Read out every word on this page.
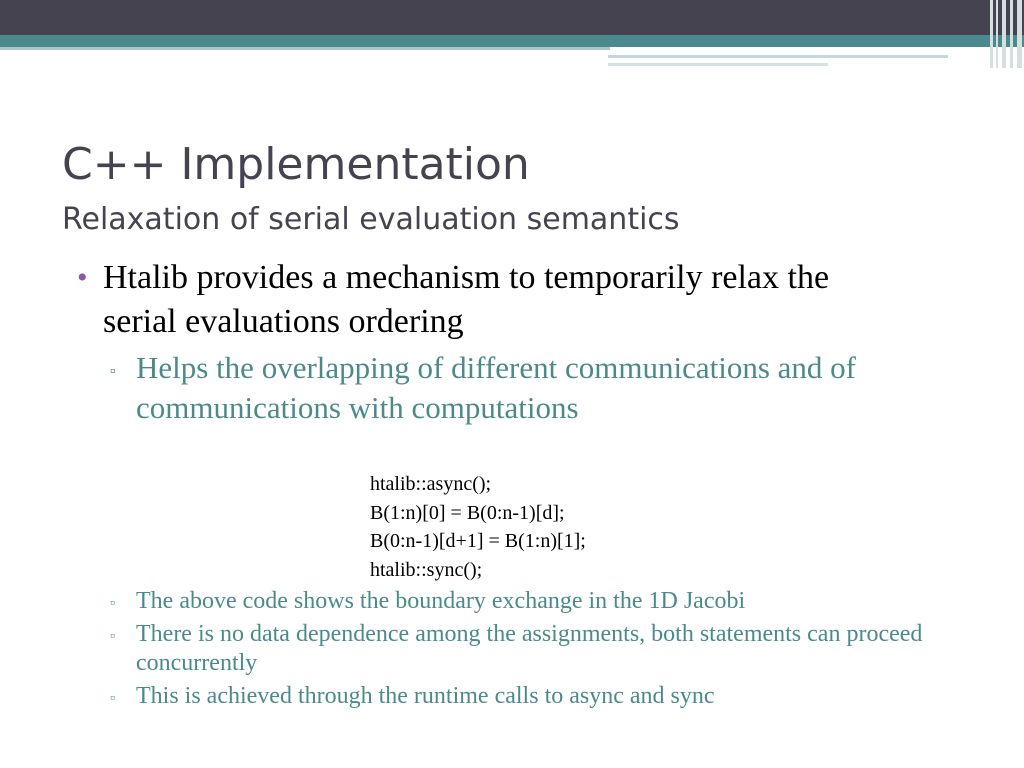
C++ Implementation
Relaxation of serial evaluation semantics
• Htalib provides a mechanism to temporarily relax the serial evaluations ordering
▫ Helps the overlapping of different communications and of communications with computations
htalib::async();
B(1:n)[0] = B(0:n-1)[d];
B(0:n-1)[d+1] = B(1:n)[1];
htalib::sync();
▫ The above code shows the boundary exchange in the 1D Jacobi
▫ There is no data dependence among the assignments, both statements can proceed concurrently
▫ This is achieved through the runtime calls to async and sync
